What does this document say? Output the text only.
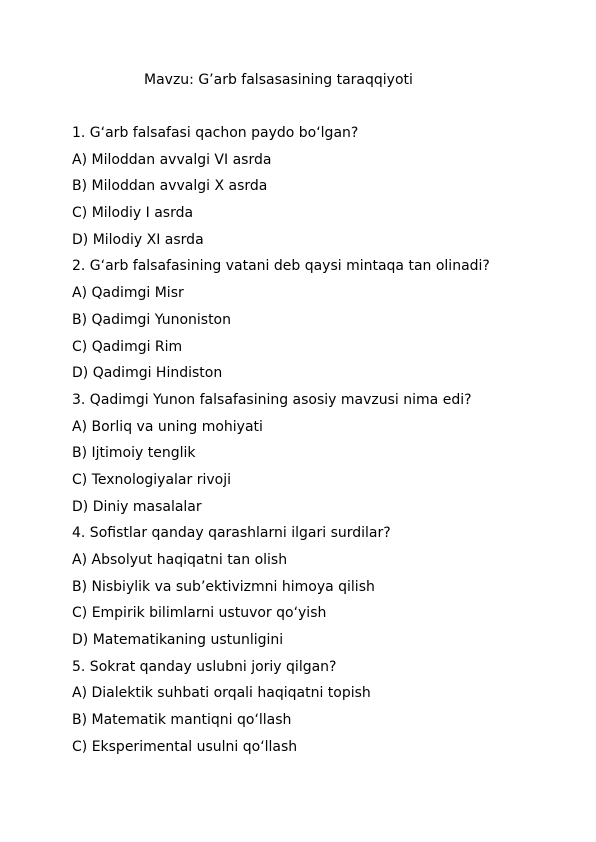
Mavzu: G’arb falsasasining taraqqiyoti
1. G‘arb falsafasi qachon paydo bo‘lgan?
A) Miloddan avvalgi VI asrda
B) Miloddan avvalgi X asrda
C) Milodiy I asrda
D) Milodiy XI asrda
2. G‘arb falsafasining vatani deb qaysi mintaqa tan olinadi?
A) Qadimgi Misr
B) Qadimgi Yunoniston
C) Qadimgi Rim
D) Qadimgi Hindiston
3. Qadimgi Yunon falsafasining asosiy mavzusi nima edi?
A) Borliq va uning mohiyati
B) Ijtimoiy tenglik
C) Texnologiyalar rivoji
D) Diniy masalalar
4. Sofistlar qanday qarashlarni ilgari surdilar?
A) Absolyut haqiqatni tan olish
B) Nisbiylik va sub’ektivizmni himoya qilish
C) Empirik bilimlarni ustuvor qo‘yish
D) Matematikaning ustunligini
5. Sokrat qanday uslubni joriy qilgan?
A) Dialektik suhbati orqali haqiqatni topish
B) Matematik mantiqni qo‘llash
C) Eksperimental usulni qo‘llash
